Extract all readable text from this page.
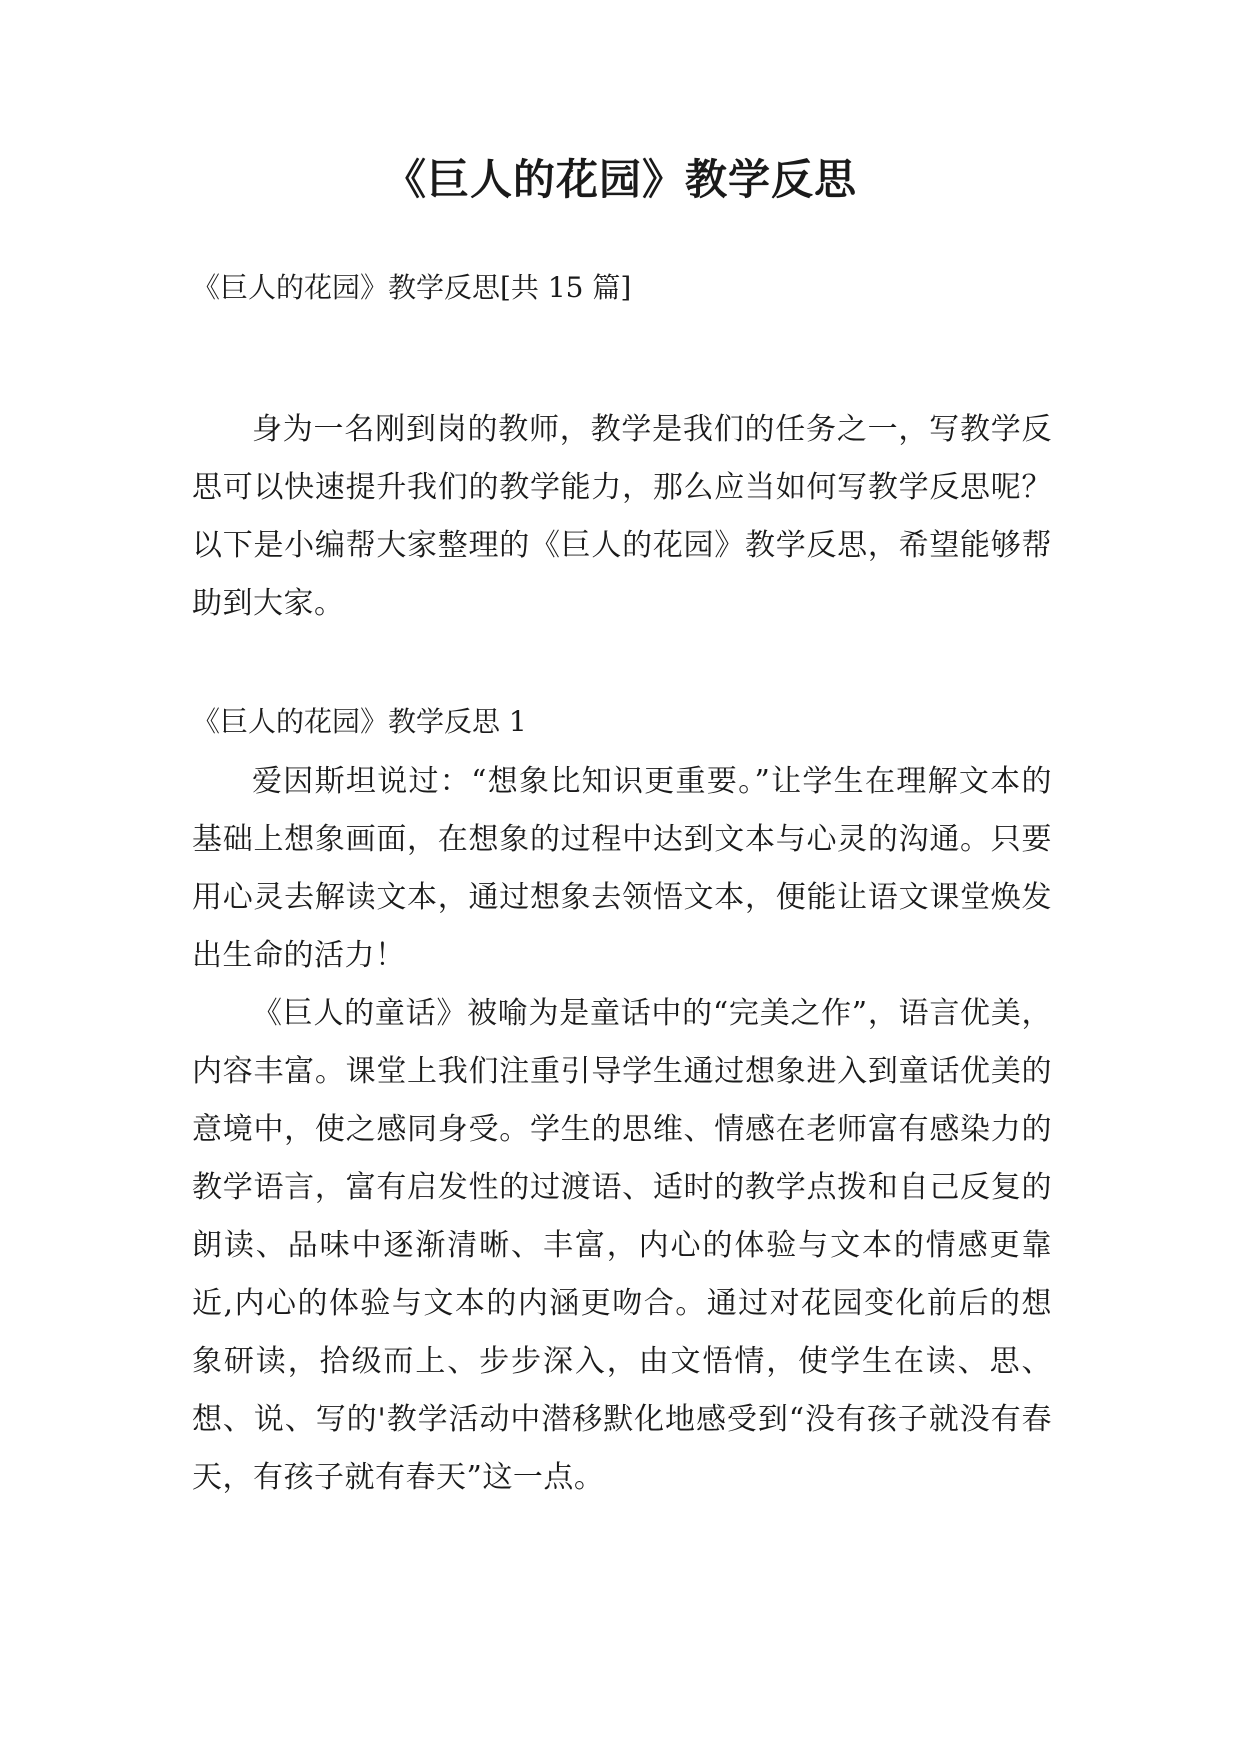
《巨人的花园》教学反思

《巨人的花园》教学反思[共 15 篇]

身为一名刚到岗的教师，教学是我们的任务之一，写教学反思可以快速提升我们的教学能力，那么应当如何写教学反思呢？以下是小编帮大家整理的《巨人的花园》教学反思，希望能够帮助到大家。

《巨人的花园》教学反思 1

爱因斯坦说过：“想象比知识更重要。”让学生在理解文本的基础上想象画面，在想象的过程中达到文本与心灵的沟通。只要用心灵去解读文本，通过想象去领悟文本，便能让语文课堂焕发出生命的活力！

《巨人的童话》被喻为是童话中的“完美之作”，语言优美，内容丰富。课堂上我们注重引导学生通过想象进入到童话优美的意境中，使之感同身受。学生的思维、情感在老师富有感染力的教学语言，富有启发性的过渡语、适时的教学点拨和自己反复的朗读、品味中逐渐清晰、丰富，内心的体验与文本的情感更靠近,内心的体验与文本的内涵更吻合。通过对花园变化前后的想象研读，拾级而上、步步深入，由文悟情，使学生在读、思、想、说、写的'教学活动中潜移默化地感受到“没有孩子就没有春天，有孩子就有春天”这一点。
